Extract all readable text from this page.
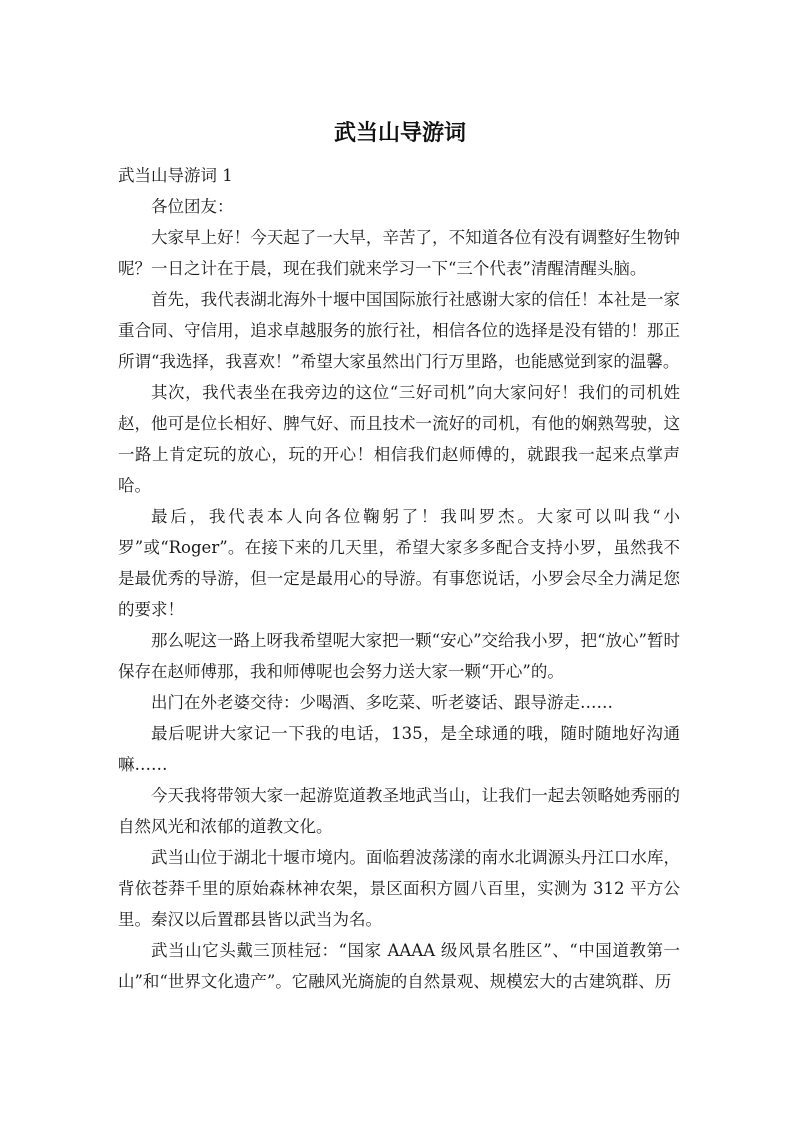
武当山导游词

武当山导游词 1

各位团友：

大家早上好！今天起了一大早，辛苦了，不知道各位有没有调整好生物钟呢？一日之计在于晨，现在我们就来学习一下“三个代表”清醒清醒头脑。

首先，我代表湖北海外十堰中国国际旅行社感谢大家的信任！本社是一家重合同、守信用，追求卓越服务的旅行社，相信各位的选择是没有错的！那正所谓“我选择，我喜欢！”希望大家虽然出门行万里路，也能感觉到家的温馨。

其次，我代表坐在我旁边的这位“三好司机”向大家问好！我们的司机姓赵，他可是位长相好、脾气好、而且技术一流好的司机，有他的娴熟驾驶，这一路上肯定玩的放心，玩的开心！相信我们赵师傅的，就跟我一起来点掌声哈。

最后，我代表本人向各位鞠躬了！我叫罗杰。大家可以叫我“小罗”或“Roger”。在接下来的几天里，希望大家多多配合支持小罗，虽然我不是最优秀的导游，但一定是最用心的导游。有事您说话，小罗会尽全力满足您的要求！

那么呢这一路上呀我希望呢大家把一颗“安心”交给我小罗，把“放心”暂时保存在赵师傅那，我和师傅呢也会努力送大家一颗“开心”的。

出门在外老婆交待：少喝酒、多吃菜、听老婆话、跟导游走……

最后呢讲大家记一下我的电话，135，是全球通的哦，随时随地好沟通嘛……

今天我将带领大家一起游览道教圣地武当山，让我们一起去领略她秀丽的自然风光和浓郁的道教文化。

武当山位于湖北十堰市境内。面临碧波荡漾的南水北调源头丹江口水库，背依苍莽千里的原始森林神农架，景区面积方圆八百里，实测为 312 平方公里。秦汉以后置郡县皆以武当为名。

武当山它头戴三顶桂冠：“国家 AAAA 级风景名胜区”、“中国道教第一山”和“世界文化遗产”。它融风光旖旎的自然景观、规模宏大的古建筑群、历
